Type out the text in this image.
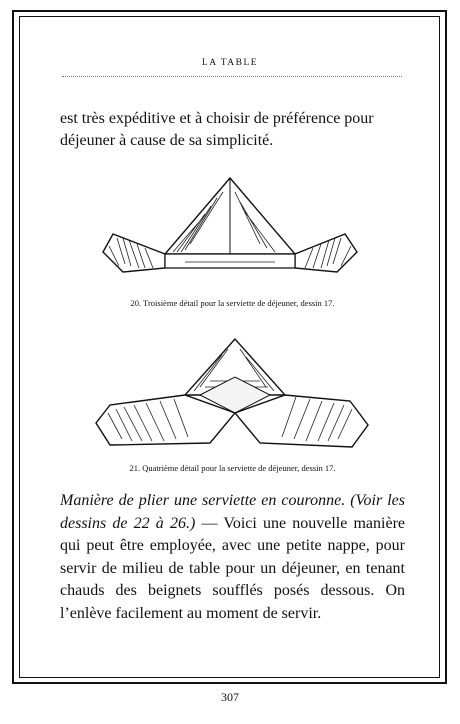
LA TABLE

est très expéditive et à choisir de préférence pour déjeuner à cause de sa simplicité.

20. Troisième détail pour la serviette de déjeuner, dessin 17.

21. Quatrième détail pour la serviette de déjeuner, dessin 17.

Manière de plier une serviette en couronne. (Voir les dessins de 22 à 26.) — Voici une nouvelle manière qui peut être employée, avec une petite nappe, pour servir de milieu de table pour un déjeuner, en tenant chauds des beignets soufflés posés dessous. On l’enlève facilement au moment de servir.

307
